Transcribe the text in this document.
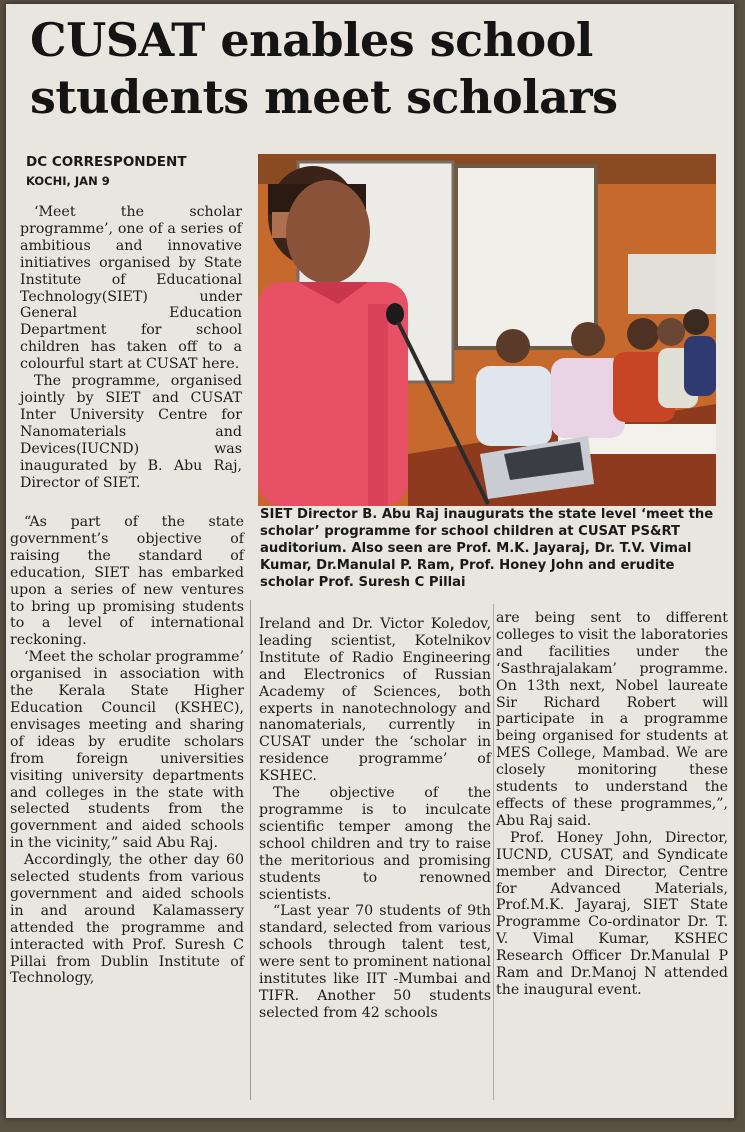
CUSAT enables school
students meet scholars
DC CORRESPONDENT
KOCHI, JAN 9

‘Meet the scholar programme’, one of a series of ambitious and innovative initiatives organised by State Institute of Educational Technology(SIET) under General Education Department for school children has taken off to a colourful start at CUSAT here.

The programme, organised jointly by SIET and CUSAT Inter University Centre for Nanomaterials and Devices(IUCND) was inaugurated by B. Abu Raj, Director of SIET.

SIET Director B. Abu Raj inaugurats the state level ‘meet the scholar’ programme for school children at CUSAT PS&RT auditorium. Also seen are Prof. M.K. Jayaraj, Dr. T.V. Vimal Kumar, Dr.Manulal P. Ram, Prof. Honey John and erudite scholar Prof. Suresh C Pillai

“As part of the state government’s objective of raising the standard of education, SIET has embarked upon a series of new ventures to bring up promising students to a level of international reckoning.

‘Meet the scholar programme’ organised in association with the Kerala State Higher Education Council (KSHEC), envisages meeting and sharing of ideas by erudite scholars from foreign universities visiting university departments and colleges in the state with selected students from the government and aided schools in the vicinity,” said Abu Raj.

Accordingly, the other day 60 selected students from various government and aided schools in and around Kalamassery attended the programme and interacted with Prof. Suresh C Pillai from Dublin Institute of Technology,

Ireland and Dr. Victor Koledov, leading scientist, Kotelnikov Institute of Radio Engineering and Electronics of Russian Academy of Sciences, both experts in nanotechnology and nanomaterials, currently in CUSAT under the ‘scholar in residence programme’ of KSHEC.

The objective of the programme is to inculcate scientific temper among the school children and try to raise the meritorious and promising students to renowned scientists.

“Last year 70 students of 9th standard, selected from various schools through talent test, were sent to prominent national institutes like IIT -Mumbai and TIFR. Another 50 students selected from 42 schools

are being sent to different colleges to visit the laboratories and facilities under the ‘Sasthrajalakam’ programme. On 13th next, Nobel laureate Sir Richard Robert will participate in a programme being organised for students at MES College, Mambad. We are closely monitoring these students to understand the effects of these programmes,”, Abu Raj said.

Prof. Honey John, Director, IUCND, CUSAT, and Syndicate member and Director, Centre for Advanced Materials, Prof.M.K. Jayaraj, SIET State Programme Co-ordinator Dr. T. V. Vimal Kumar, KSHEC Research Officer Dr.Manulal P Ram and Dr.Manoj N attended the inaugural event.
